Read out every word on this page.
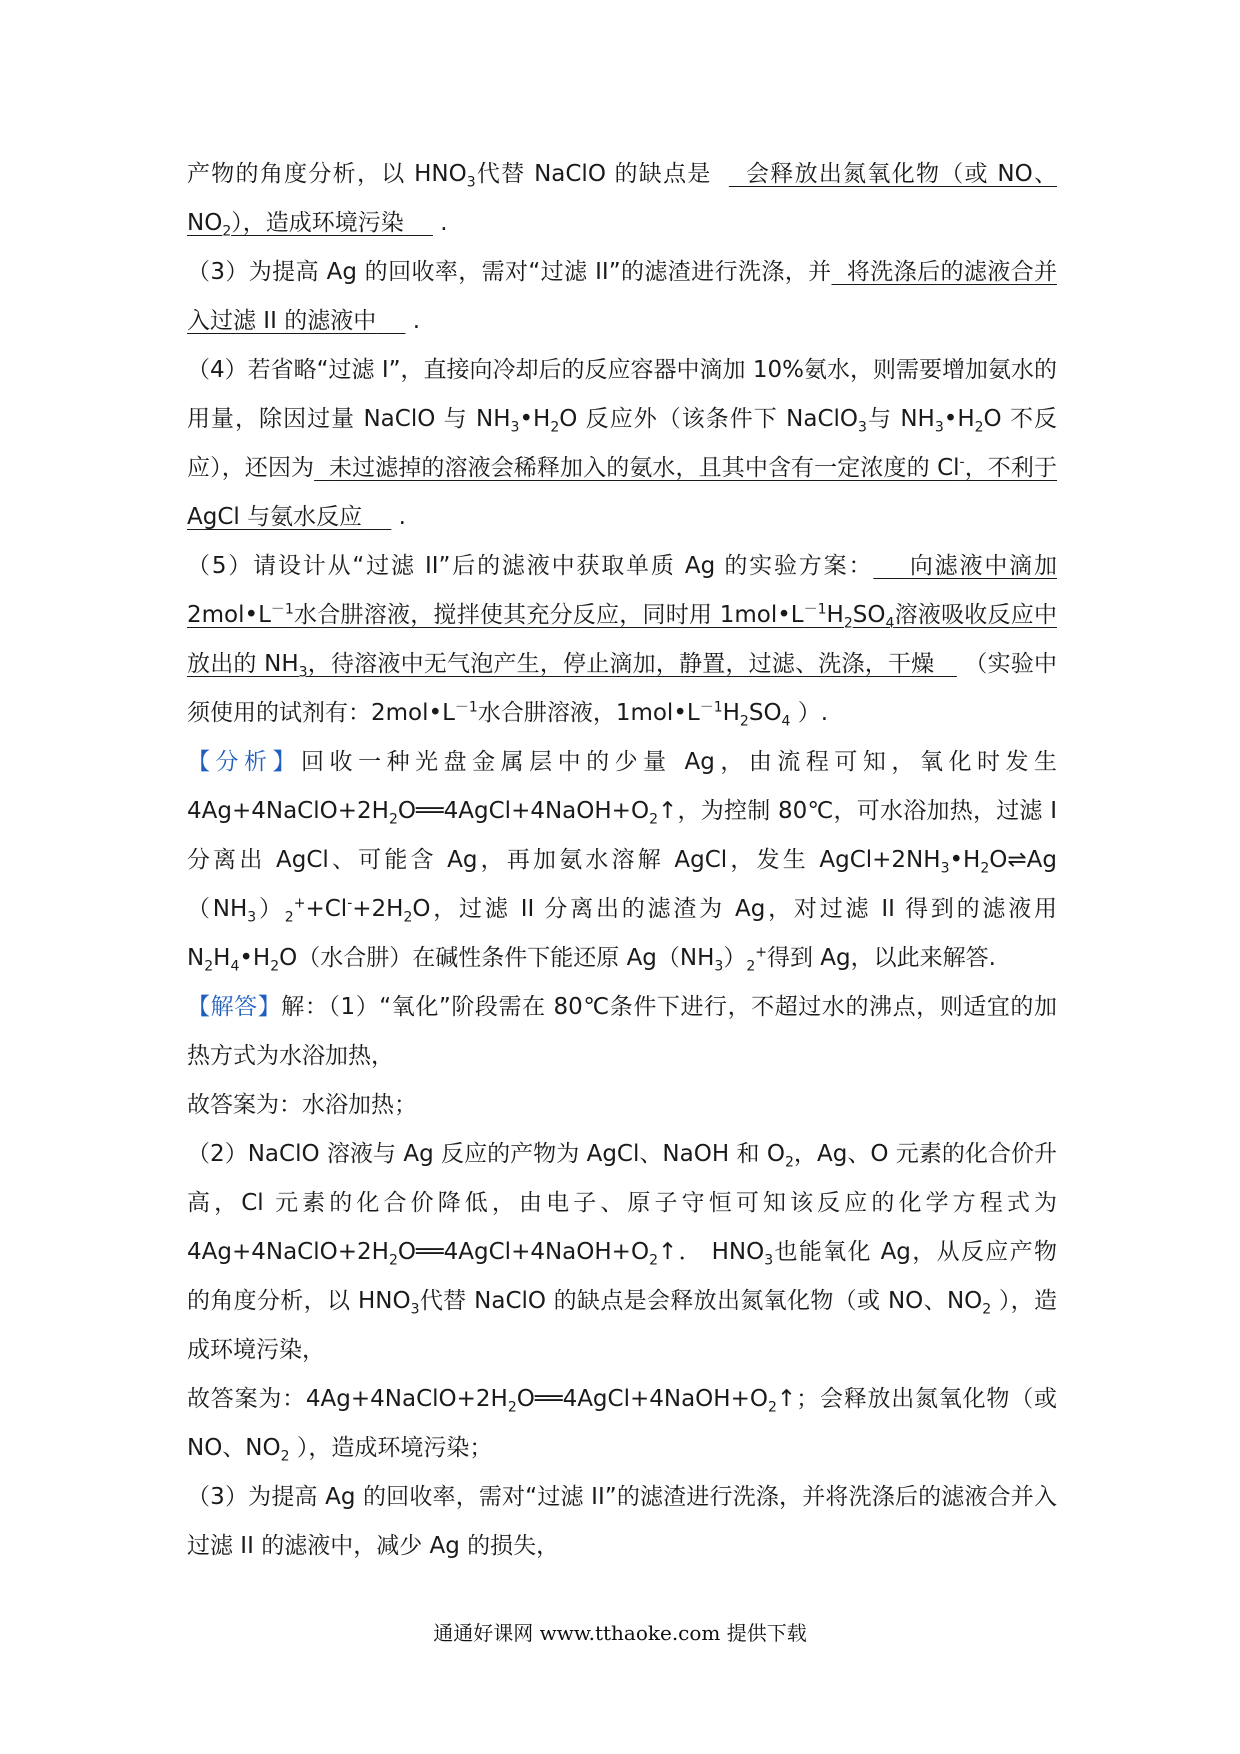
产物的角度分析，以 $HNO_3$代替 NaClO 的缺点是 会释放出氮氧化物（或 NO、$NO_2$），造成环境污染 .

（3）为提高 Ag 的回收率，需对“过滤 II”的滤渣进行洗涤，并 将洗涤后的滤液合并入过滤 II 的滤液中 .

（4）若省略“过滤 I”，直接向冷却后的反应容器中滴加 10%氨水，则需要增加氨水的用量，除因过量 NaClO 与 $NH_3•H_2O$ 反应外（该条件下 NaClO$_3$与 $NH_3•H_2O$ 不反应），还因为 未过滤掉的溶液会稀释加入的氨水，且其中含有一定浓度的 Cl-，不利于 AgCl 与氨水反应 .

（5）请设计从“过滤 II”后的滤液中获取单质 Ag 的实验方案： 向滤液中滴加 $2mol•L^{-1}$水合肼溶液，搅拌使其充分反应，同时用 $1mol•L^{-1}H_2SO_4$溶液吸收反应中放出的 $NH_3$，待溶液中无气泡产生，停止滴加，静置，过滤、洗涤，干燥 （实验中须使用的试剂有：$2mol•L^{-1}$水合肼溶液，$1mol•L^{-1}H_2SO_4$ ）.

【分析】回收一种光盘金属层中的少量 Ag，由流程可知，氧化时发生 $4Ag+4NaClO+2H_2O══4AgCl+4NaOH+O_2↑$，为控制 80℃，可水浴加热，过滤 I 分离出 AgCl、可能含 Ag，再加氨水溶解 AgCl，发生 $AgCl+2NH_3•H_2O\rightleftharpoons Ag(NH_3)_2^++Cl^-+2H_2O$，过滤 II 分离出的滤渣为 Ag，对过滤 II 得到的滤液用 $N_2H_4•H_2O$（水合肼）在碱性条件下能还原 $Ag(NH_3)_2^+$得到 Ag，以此来解答.

【解答】解：（1）“氧化”阶段需在 80℃条件下进行，不超过水的沸点，则适宜的加热方式为水浴加热，

故答案为：水浴加热；

（2）NaClO 溶液与 Ag 反应的产物为 AgCl、NaOH 和 $O_2$，Ag、O 元素的化合价升高，Cl 元素的化合价降低，由电子、原子守恒可知该反应的化学方程式为 $4Ag+4NaClO+2H_2O══4AgCl+4NaOH+O_2↑$． $HNO_3$也能氧化 Ag，从反应产物的角度分析，以 $HNO_3$代替 NaClO 的缺点是会释放出氮氧化物（或 NO、$NO_2$ ），造成环境污染，

故答案为：$4Ag+4NaClO+2H_2O══4AgCl+4NaOH+O_2↑$；会释放出氮氧化物（或 NO、$NO_2$ ），造成环境污染；

（3）为提高 Ag 的回收率，需对“过滤 II”的滤渣进行洗涤，并将洗涤后的滤液合并入过滤 II 的滤液中，减少 Ag 的损失，

通通好课网 www.tthaoke.com 提供下载
